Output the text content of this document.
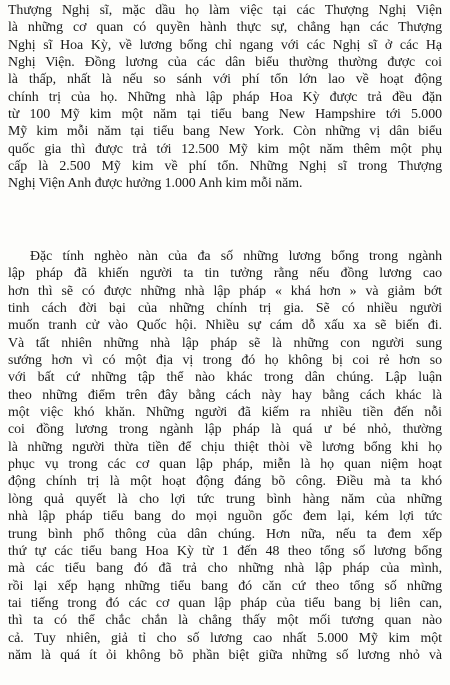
Thượng Nghị sĩ, mặc dầu họ làm việc tại các Thượng Nghị Viện
là những cơ quan có quyền hành thực sự, chẳng hạn các Thượng
Nghị sĩ Hoa Kỳ, về lương bổng chỉ ngang với các Nghị sĩ ở các Hạ
Nghị Viện. Đồng lương của các dân biểu thường thường được coi
là thấp, nhất là nếu so sánh với phí tổn lớn lao về hoạt động
chính trị của họ. Những nhà lập pháp Hoa Kỳ được trả đều đặn
từ 100 Mỹ kim một năm tại tiểu bang New Hampshire tới 5.000
Mỹ kim mỗi năm tại tiểu bang New York. Còn những vị dân biểu
quốc gia thì được trả tới 12.500 Mỹ kim một năm thêm một phụ
cấp là 2.500 Mỹ kim về phí tổn. Những Nghị sĩ trong Thượng
Nghị Viện Anh được hưởng 1.000 Anh kim mỗi năm.
Đặc tính nghèo nàn của đa số những lương bổng trong ngành
lập pháp đã khiến người ta tin tưởng rằng nếu đồng lương cao
hơn thì sẽ có được những nhà lập pháp « khá hơn » và giảm bớt
tinh cách đời bại của những chính trị gia. Sẽ có nhiều người
muốn tranh cử vào Quốc hội. Nhiều sự cám dỗ xấu xa sẽ biến đi.
Và tất nhiên những nhà lập pháp sẽ là những con người sung
sướng hơn vì có một địa vị trong đó họ không bị coi rẻ hơn so
với bất cứ những tập thể nào khác trong dân chúng. Lập luận
theo những điểm trên đây bằng cách này hay bằng cách khác là
một việc khó khăn. Những người đã kiếm ra nhiều tiền đến nỗi
coi đồng lương trong ngành lập pháp là quá ư bé nhỏ, thường
là những người thừa tiền để chịu thiệt thòi về lương bổng khi họ
phục vụ trong các cơ quan lập pháp, miễn là họ quan niệm hoạt
động chính trị là một hoạt động đáng bõ công. Điều mà ta khó
lòng quả quyết là cho lợi tức trung bình hàng năm của những
nhà lập pháp tiểu bang do mọi nguồn gốc đem lại, kém lợi tức
trung bình phổ thông của dân chúng. Hơn nữa, nếu ta đem xếp
thứ tự các tiểu bang Hoa Kỳ từ 1 đến 48 theo tổng số lương bổng
mà các tiểu bang đó đã trả cho những nhà lập pháp của mình,
rồi lại xếp hạng những tiểu bang đó căn cứ theo tổng số những
tai tiếng trong đó các cơ quan lập pháp của tiểu bang bị liên can,
thì ta có thể chắc chắn là chẳng thấy một mối tương quan nào
cả. Tuy nhiên, giả tỉ cho số lương cao nhất 5.000 Mỹ kim một
năm là quá ít ỏi không bõ phần biệt giữa những số lương nhỏ và
